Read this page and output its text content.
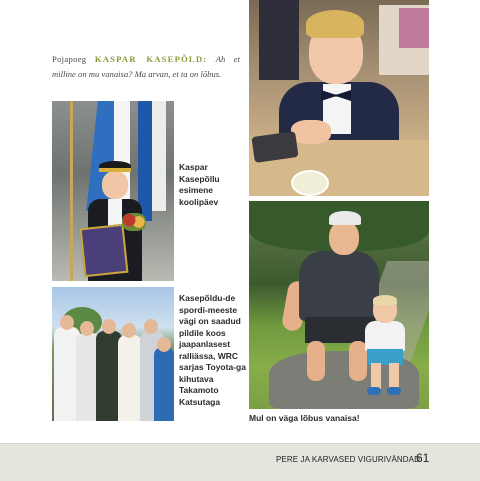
Pojapoeg KASPAR KASEPÕLD: Ah et milline on mu vanaisa? Ma arvan, et ta on lõbus.
Kaspar Kasepõllu esimene koolipäev
Kasepõldu-de spordi-meeste vägi on saadud pildile koos jaapanlasest ralliässa, WRC sarjas Toyota-ga kihutava Takamoto Katsutaga
Mul on väga lõbus vanaisa!
PERE JA KARVASED VIGURIVÄNDAD
61
